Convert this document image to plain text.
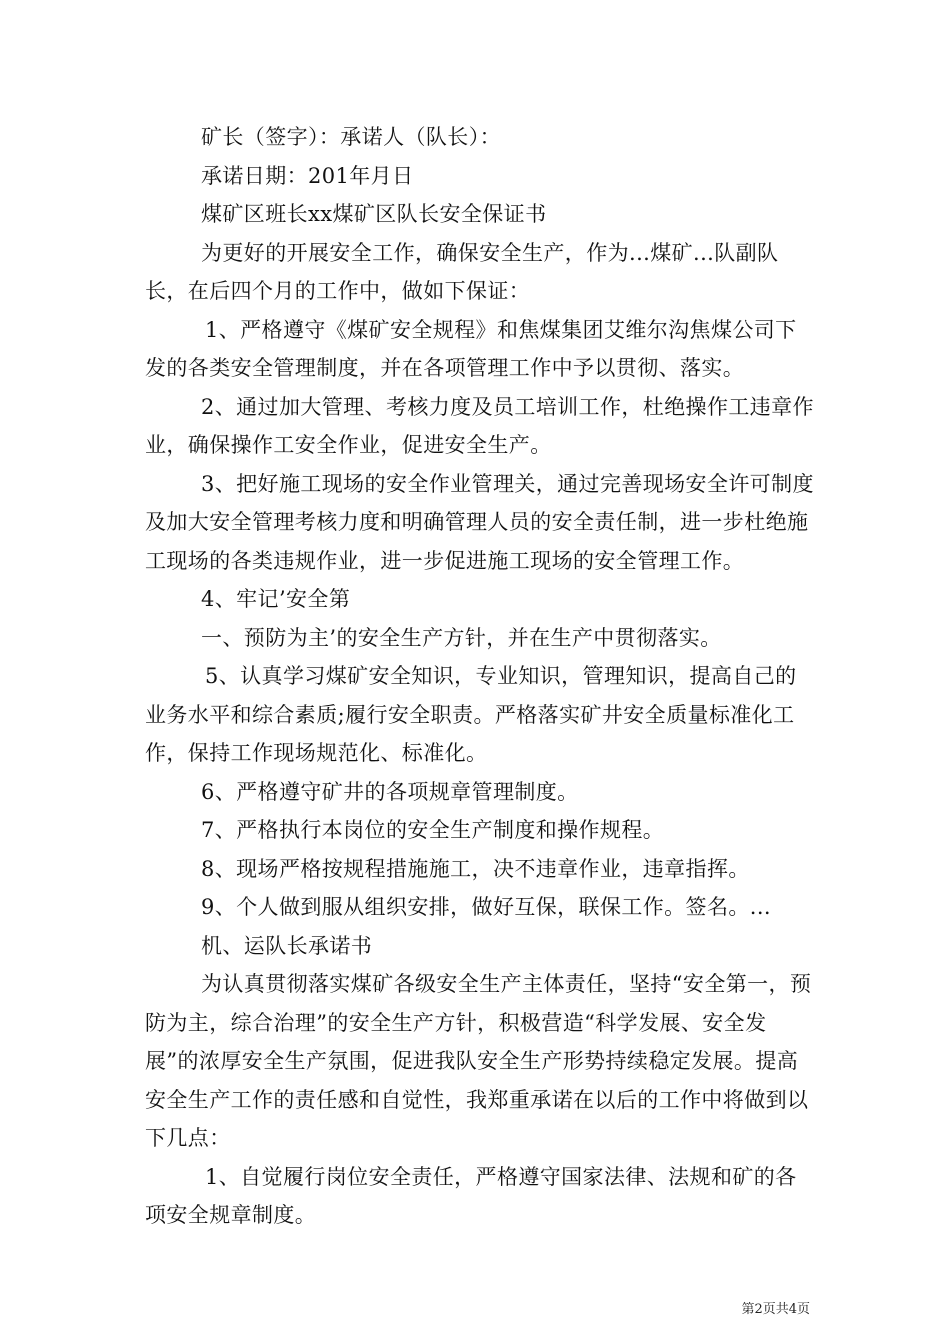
矿长（签字）：承诺人（队长）：

承诺日期：201年月日

煤矿区班长xx煤矿区队长安全保证书

为更好的开展安全工作，确保安全生产，作为...煤矿...队副队长，在后四个月的工作中，做如下保证：

1、严格遵守《煤矿安全规程》和焦煤集团艾维尔沟焦煤公司下发的各类安全管理制度，并在各项管理工作中予以贯彻、落实。

2、通过加大管理、考核力度及员工培训工作，杜绝操作工违章作业，确保操作工安全作业，促进安全生产。

3、把好施工现场的安全作业管理关，通过完善现场安全许可制度及加大安全管理考核力度和明确管理人员的安全责任制，进一步杜绝施工现场的各类违规作业，进一步促进施工现场的安全管理工作。

4、牢记’安全第

一、预防为主’的安全生产方针，并在生产中贯彻落实。

5、认真学习煤矿安全知识，专业知识，管理知识，提高自己的业务水平和综合素质;履行安全职责。严格落实矿井安全质量标准化工作，保持工作现场规范化、标准化。

6、严格遵守矿井的各项规章管理制度。

7、严格执行本岗位的安全生产制度和操作规程。

8、现场严格按规程措施施工，决不违章作业，违章指挥。

9、个人做到服从组织安排，做好互保，联保工作。签名。...

机、运队长承诺书

为认真贯彻落实煤矿各级安全生产主体责任，坚持“安全第一，预防为主，综合治理”的安全生产方针，积极营造“科学发展、安全发展”的浓厚安全生产氛围，促进我队安全生产形势持续稳定发展。提高安全生产工作的责任感和自觉性，我郑重承诺在以后的工作中将做到以下几点：

1、自觉履行岗位安全责任，严格遵守国家法律、法规和矿的各项安全规章制度。

第2页共4页
